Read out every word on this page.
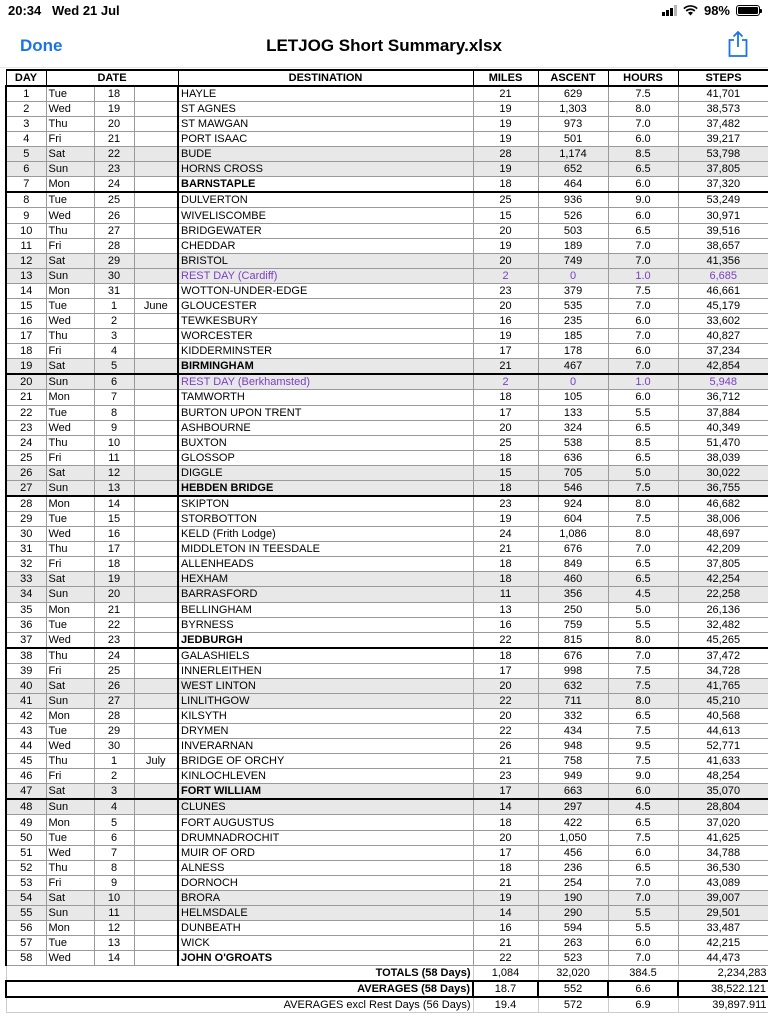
20:34 Wed 21 Jul	98%
Done	LETJOG Short Summary.xlsx
DAY	DATE			DESTINATION	MILES	ASCENT	HOURS	STEPS
1	Tue	18		HAYLE	21	629	7.5	41,701
2	Wed	19		ST AGNES	19	1,303	8.0	38,573
3	Thu	20		ST MAWGAN	19	973	7.0	37,482
4	Fri	21		PORT ISAAC	19	501	6.0	39,217
5	Sat	22		BUDE	28	1,174	8.5	53,798
6	Sun	23		HORNS CROSS	19	652	6.5	37,805
7	Mon	24		BARNSTAPLE	18	464	6.0	37,320
8	Tue	25		DULVERTON	25	936	9.0	53,249
9	Wed	26		WIVELISCOMBE	15	526	6.0	30,971
10	Thu	27		BRIDGEWATER	20	503	6.5	39,516
11	Fri	28		CHEDDAR	19	189	7.0	38,657
12	Sat	29		BRISTOL	20	749	7.0	41,356
13	Sun	30		REST DAY (Cardiff)	2	0	1.0	6,685
14	Mon	31		WOTTON-UNDER-EDGE	23	379	7.5	46,661
15	Tue	1	June	GLOUCESTER	20	535	7.0	45,179
16	Wed	2		TEWKESBURY	16	235	6.0	33,602
17	Thu	3		WORCESTER	19	185	7.0	40,827
18	Fri	4		KIDDERMINSTER	17	178	6.0	37,234
19	Sat	5		BIRMINGHAM	21	467	7.0	42,854
20	Sun	6		REST DAY (Berkhamsted)	2	0	1.0	5,948
21	Mon	7		TAMWORTH	18	105	6.0	36,712
22	Tue	8		BURTON UPON TRENT	17	133	5.5	37,884
23	Wed	9		ASHBOURNE	20	324	6.5	40,349
24	Thu	10		BUXTON	25	538	8.5	51,470
25	Fri	11		GLOSSOP	18	636	6.5	38,039
26	Sat	12		DIGGLE	15	705	5.0	30,022
27	Sun	13		HEBDEN BRIDGE	18	546	7.5	36,755
28	Mon	14		SKIPTON	23	924	8.0	46,682
29	Tue	15		STORBOTTON	19	604	7.5	38,006
30	Wed	16		KELD (Frith Lodge)	24	1,086	8.0	48,697
31	Thu	17		MIDDLETON IN TEESDALE	21	676	7.0	42,209
32	Fri	18		ALLENHEADS	18	849	6.5	37,805
33	Sat	19		HEXHAM	18	460	6.5	42,254
34	Sun	20		BARRASFORD	11	356	4.5	22,258
35	Mon	21		BELLINGHAM	13	250	5.0	26,136
36	Tue	22		BYRNESS	16	759	5.5	32,482
37	Wed	23		JEDBURGH	22	815	8.0	45,265
38	Thu	24		GALASHIELS	18	676	7.0	37,472
39	Fri	25		INNERLEITHEN	17	998	7.5	34,728
40	Sat	26		WEST LINTON	20	632	7.5	41,765
41	Sun	27		LINLITHGOW	22	711	8.0	45,210
42	Mon	28		KILSYTH	20	332	6.5	40,568
43	Tue	29		DRYMEN	22	434	7.5	44,613
44	Wed	30		INVERARNAN	26	948	9.5	52,771
45	Thu	1	July	BRIDGE OF ORCHY	21	758	7.5	41,633
46	Fri	2		KINLOCHLEVEN	23	949	9.0	48,254
47	Sat	3		FORT WILLIAM	17	663	6.0	35,070
48	Sun	4		CLUNES	14	297	4.5	28,804
49	Mon	5		FORT AUGUSTUS	18	422	6.5	37,020
50	Tue	6		DRUMNADROCHIT	20	1,050	7.5	41,625
51	Wed	7		MUIR OF ORD	17	456	6.0	34,788
52	Thu	8		ALNESS	18	236	6.5	36,530
53	Fri	9		DORNOCH	21	254	7.0	43,089
54	Sat	10		BRORA	19	190	7.0	39,007
55	Sun	11		HELMSDALE	14	290	5.5	29,501
56	Mon	12		DUNBEATH	16	594	5.5	33,487
57	Tue	13		WICK	21	263	6.0	42,215
58	Wed	14		JOHN O'GROATS	22	523	7.0	44,473
TOTALS (58 Days)					1,084	32,020	384.5	2,234,283
AVERAGES (58 Days)					18.7	552	6.6	38,522.121
AVERAGES excl Rest Days (56 Days)					19.4	572	6.9	39,897.911
